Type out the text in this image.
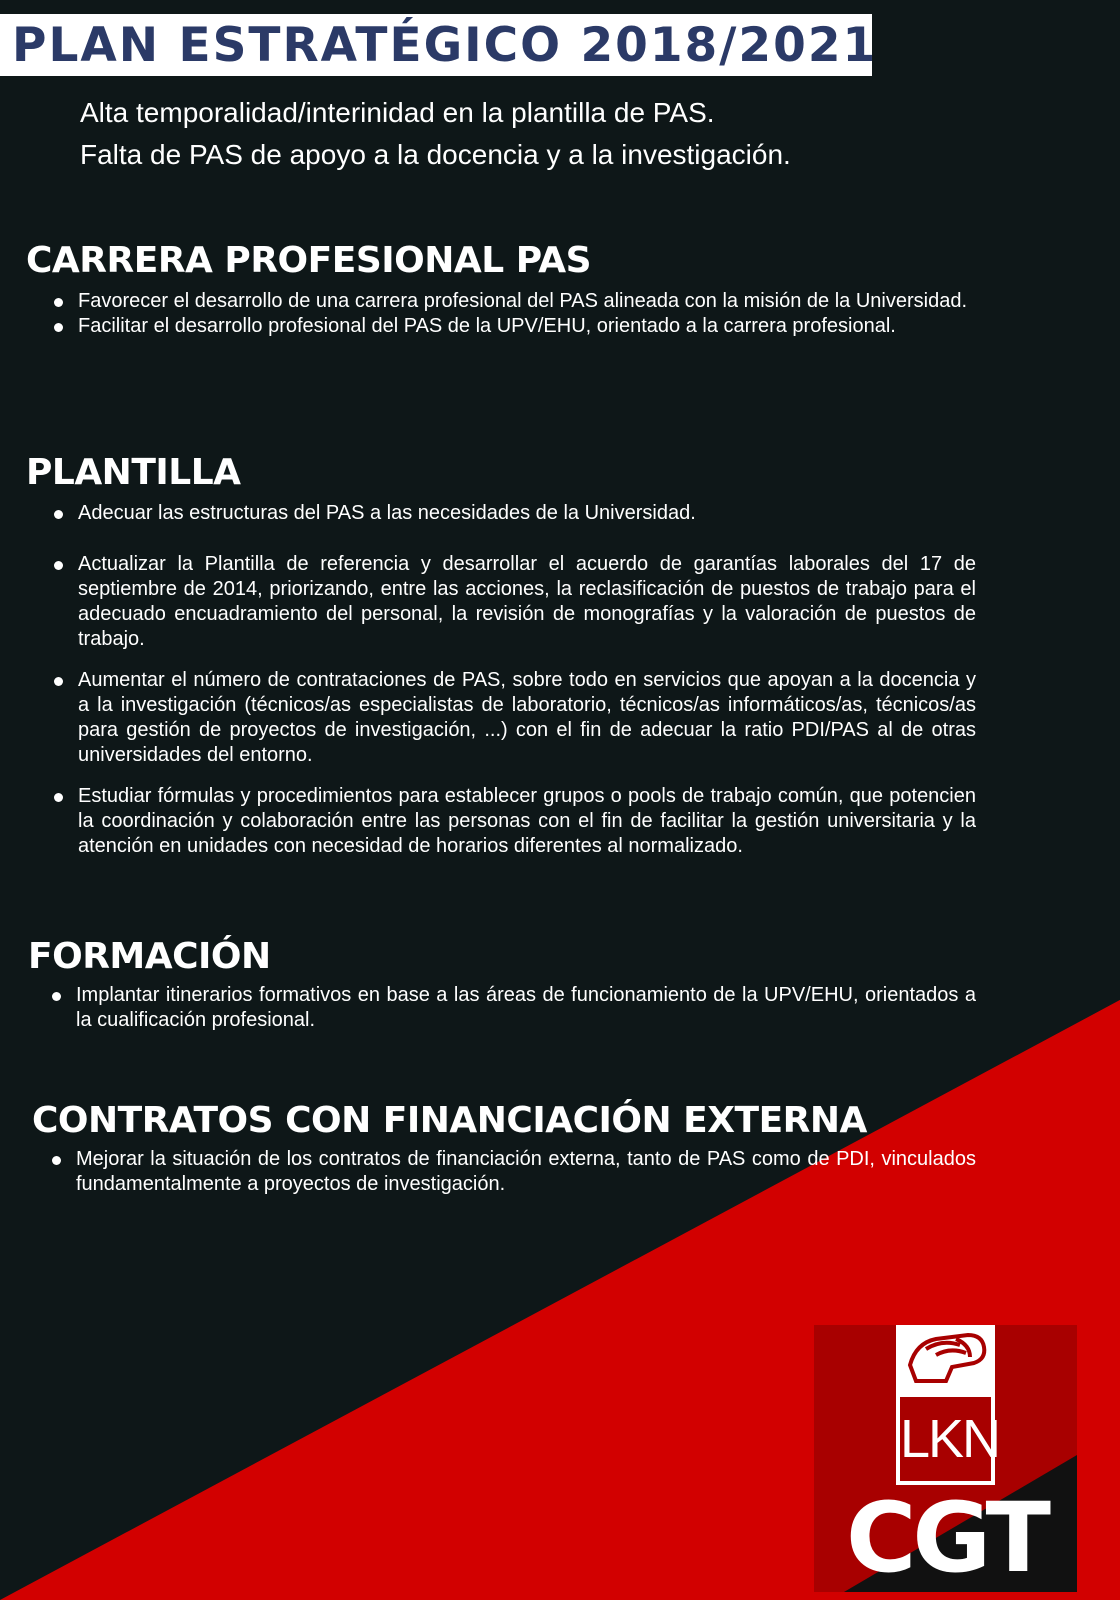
PLAN ESTRATÉGICO 2018/2021

Alta temporalidad/interinidad en la plantilla de PAS.

Falta de PAS de apoyo a la docencia y a la investigación.

CARRERA PROFESIONAL PAS
Favorecer el desarrollo de una carrera profesional del PAS alineada con la misión de la Universidad.
Facilitar el desarrollo profesional del PAS de la UPV/EHU, orientado a la carrera profesional.
PLANTILLA
Adecuar las estructuras del PAS a las necesidades de la Universidad.
Actualizar la Plantilla de referencia y desarrollar el acuerdo de garantías laborales del 17 de septiembre de 2014, priorizando, entre las acciones, la reclasificación de puestos de trabajo para el adecuado encuadramiento del personal, la revisión de monografías y la valoración de puestos de trabajo.
Aumentar el número de contrataciones de PAS, sobre todo en servicios que apoyan a la docencia y a la investigación (técnicos/as especialistas de laboratorio, técnicos/as informáticos/as, técnicos/as para gestión de proyectos de investigación, ...) con el fin de adecuar la ratio PDI/PAS al de otras universidades del entorno.
Estudiar fórmulas y procedimientos para establecer grupos o pools de trabajo común, que potencien la coordinación y colaboración entre las personas con el fin de facilitar la gestión universitaria y la atención en unidades con necesidad de horarios diferentes al normalizado.
FORMACIÓN
Implantar itinerarios formativos en base a las áreas de funcionamiento de la UPV/EHU, orientados a la cualificación profesional.
CONTRATOS CON FINANCIACIÓN EXTERNA
Mejorar la situación de los contratos de financiación externa, tanto de PAS como de PDI, vinculados fundamentalmente a proyectos de investigación.
LKN
CGT
